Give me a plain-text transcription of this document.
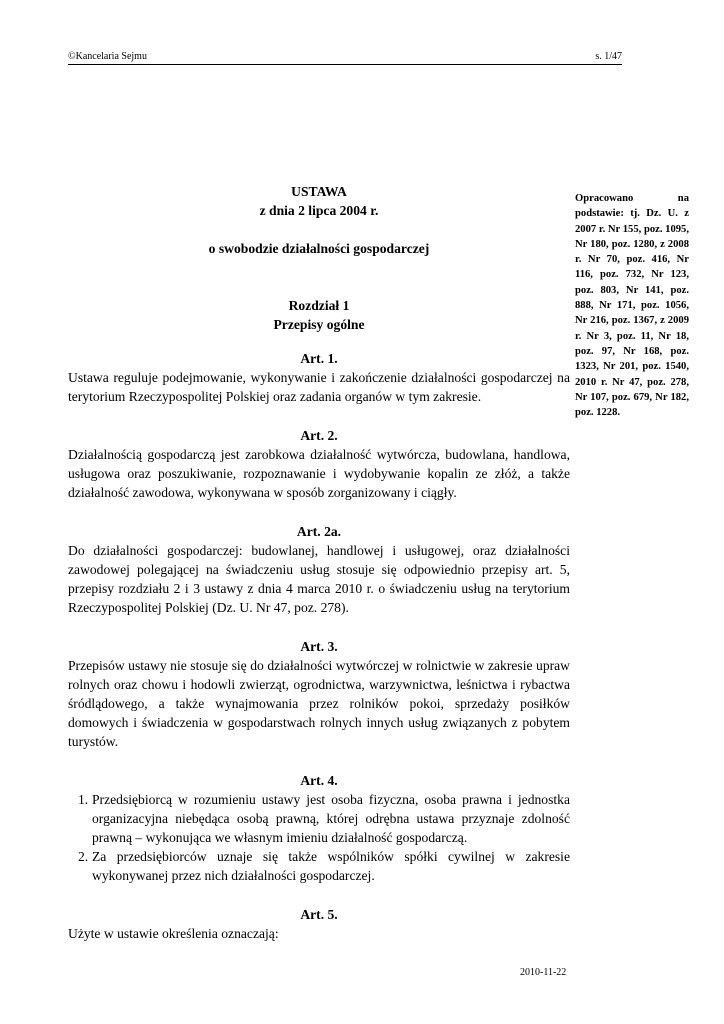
©Kancelaria Sejmu	s. 1/47

USTAWA

z dnia 2 lipca 2004 r.

o swobodzie działalności gospodarczej

Rozdział 1

Przepisy ogólne

Art. 1.

Ustawa reguluje podejmowanie, wykonywanie i zakończenie działalności gospodarczej na terytorium Rzeczypospolitej Polskiej oraz zadania organów w tym zakresie.

Art. 2.

Działalnością gospodarczą jest zarobkowa działalność wytwórcza, budowlana, handlowa, usługowa oraz poszukiwanie, rozpoznawanie i wydobywanie kopalin ze złóż, a także działalność zawodowa, wykonywana w sposób zorganizowany i ciągły.

Art. 2a.

Do działalności gospodarczej: budowlanej, handlowej i usługowej, oraz działalności zawodowej polegającej na świadczeniu usług stosuje się odpowiednio przepisy art. 5, przepisy rozdziału 2 i 3 ustawy z dnia 4 marca 2010 r. o świadczeniu usług na terytorium Rzeczypospolitej Polskiej (Dz. U. Nr 47, poz. 278).

Art. 3.

Przepisów ustawy nie stosuje się do działalności wytwórczej w rolnictwie w zakresie upraw rolnych oraz chowu i hodowli zwierząt, ogrodnictwa, warzywnictwa, leśnictwa i rybactwa śródlądowego, a także wynajmowania przez rolników pokoi, sprzedaży posiłków domowych i świadczenia w gospodarstwach rolnych innych usług związanych z pobytem turystów.

Art. 4.

1. Przedsiębiorcą w rozumieniu ustawy jest osoba fizyczna, osoba prawna i jednostka organizacyjna niebędąca osobą prawną, której odrębna ustawa przyznaje zdolność prawną – wykonująca we własnym imieniu działalność gospodarczą.
2. Za przedsiębiorców uznaje się także wspólników spółki cywilnej w zakresie wykonywanej przez nich działalności gospodarczej.

Art. 5.

Użyte w ustawie określenia oznaczają:

Opracowano na podstawie: tj. Dz. U. z 2007 r. Nr 155, poz. 1095, Nr 180, poz. 1280, z 2008 r. Nr 70, poz. 416, Nr 116, poz. 732, Nr 123, poz. 803, Nr 141, poz. 888, Nr 171, poz. 1056, Nr 216, poz. 1367, z 2009 r. Nr 3, poz. 11, Nr 18, poz. 97, Nr 168, poz. 1323, Nr 201, poz. 1540, 2010 r. Nr 47, poz. 278, Nr 107, poz. 679, Nr 182, poz. 1228.
2010-11-22
